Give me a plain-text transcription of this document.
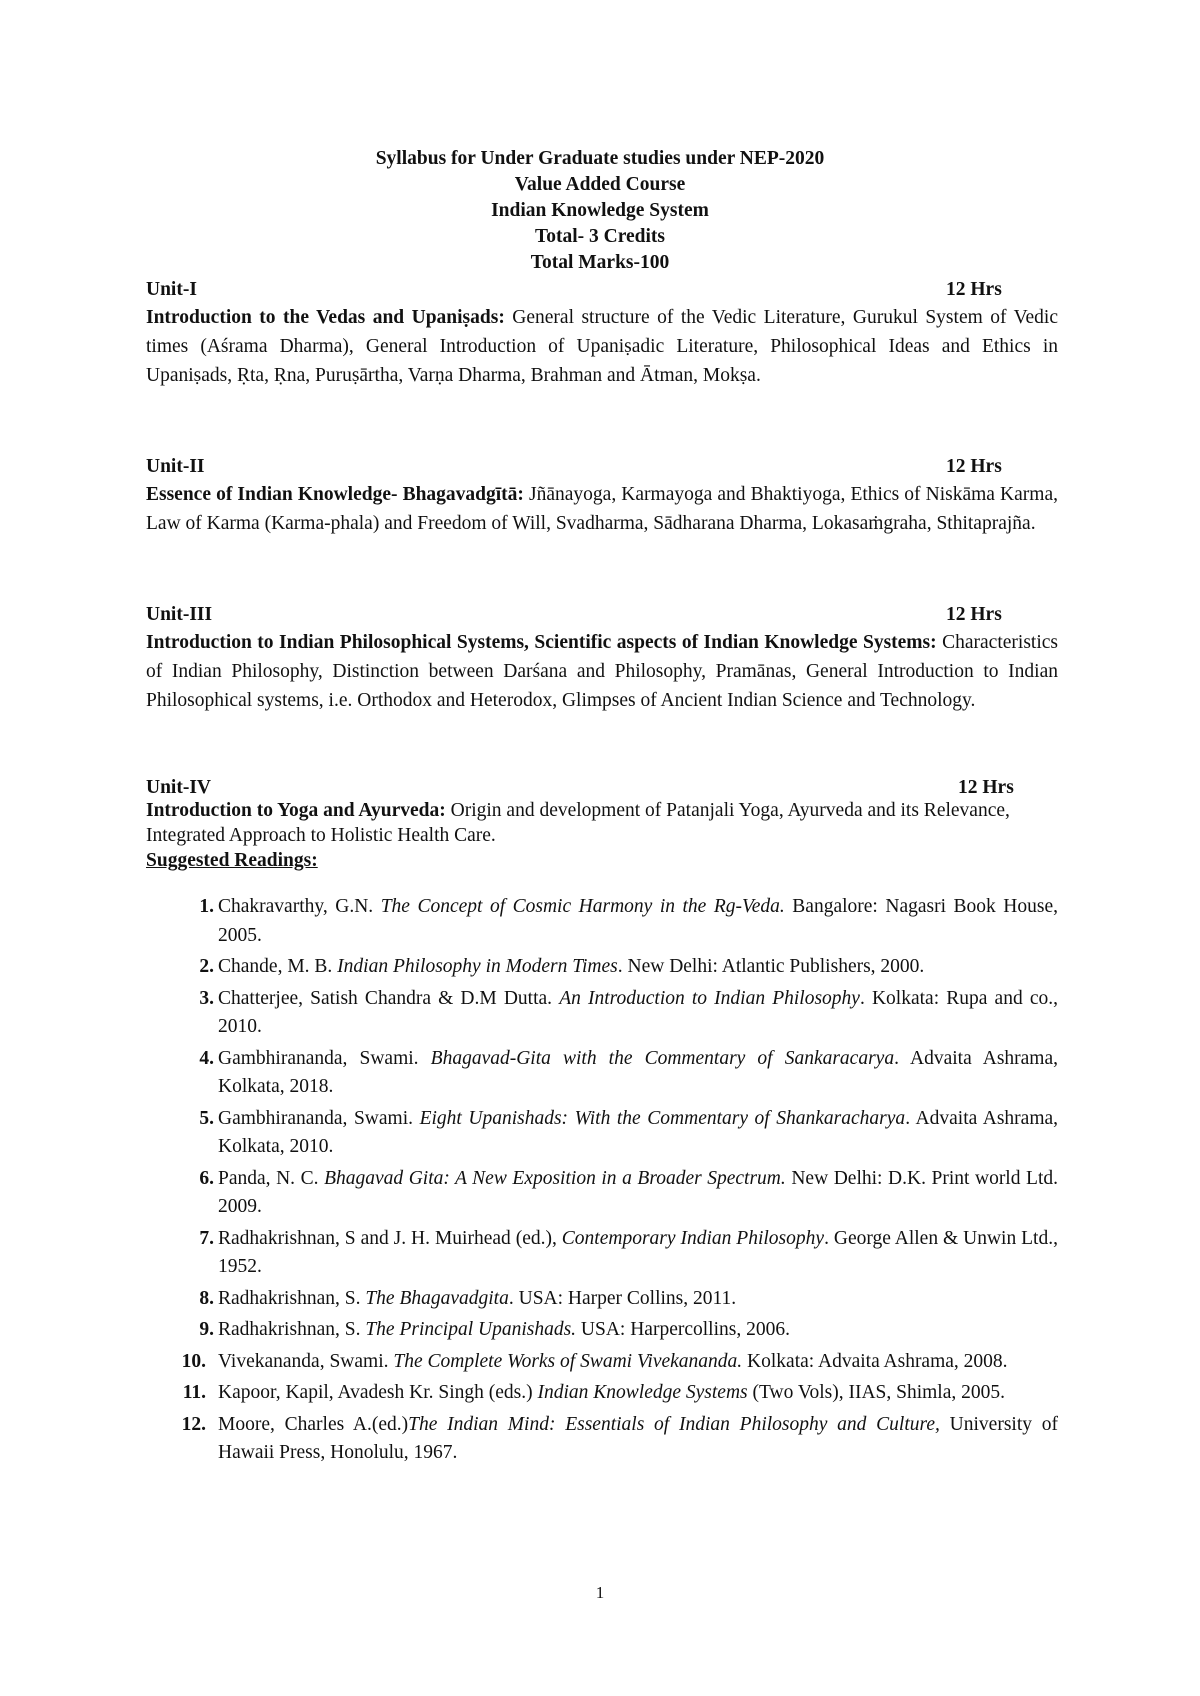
Syllabus for Under Graduate studies under NEP-2020
Value Added Course
Indian Knowledge System
Total- 3 Credits
Total Marks-100
Unit-I	12 Hrs
Introduction to the Vedas and Upaniṣads: General structure of the Vedic Literature, Gurukul System of Vedic times (Aśrama Dharma), General Introduction of Upaniṣadic Literature, Philosophical Ideas and Ethics in Upaniṣads, Ṛta, Ṛna, Puruṣārtha, Varṇa Dharma, Brahman and Ātman, Mokṣa.
Unit-II	12 Hrs
Essence of Indian Knowledge- Bhagavadgītā: Jñānayoga, Karmayoga and Bhaktiyoga, Ethics of Niskāma Karma, Law of Karma (Karma-phala) and Freedom of Will, Svadharma, Sādharana Dharma, Lokasaṁgraha, Sthitaprajña.
Unit-III	12 Hrs
Introduction to Indian Philosophical Systems, Scientific aspects of Indian Knowledge Systems: Characteristics of Indian Philosophy, Distinction between Darśana and Philosophy, Pramānas, General Introduction to Indian Philosophical systems, i.e. Orthodox and Heterodox, Glimpses of Ancient Indian Science and Technology.
Unit-IV	12 Hrs
Introduction to Yoga and Ayurveda: Origin and development of Patanjali Yoga, Ayurveda and its Relevance, Integrated Approach to Holistic Health Care.
Suggested Readings:
1. Chakravarthy, G.N. The Concept of Cosmic Harmony in the Rg-Veda. Bangalore: Nagasri Book House, 2005.
2. Chande, M. B. Indian Philosophy in Modern Times. New Delhi: Atlantic Publishers, 2000.
3. Chatterjee, Satish Chandra & D.M Dutta. An Introduction to Indian Philosophy. Kolkata: Rupa and co., 2010.
4. Gambhirananda, Swami. Bhagavad-Gita with the Commentary of Sankaracarya. Advaita Ashrama, Kolkata, 2018.
5. Gambhirananda, Swami. Eight Upanishads: With the Commentary of Shankaracharya. Advaita Ashrama, Kolkata, 2010.
6. Panda, N. C. Bhagavad Gita: A New Exposition in a Broader Spectrum. New Delhi: D.K. Print world Ltd. 2009.
7. Radhakrishnan, S and J. H. Muirhead (ed.), Contemporary Indian Philosophy. George Allen & Unwin Ltd., 1952.
8. Radhakrishnan, S. The Bhagavadgita. USA: Harper Collins, 2011.
9. Radhakrishnan, S. The Principal Upanishads. USA: Harpercollins, 2006.
10. Vivekananda, Swami. The Complete Works of Swami Vivekananda. Kolkata: Advaita Ashrama, 2008.
11. Kapoor, Kapil, Avadesh Kr. Singh (eds.) Indian Knowledge Systems (Two Vols), IIAS, Shimla, 2005.
12. Moore, Charles A.(ed.)The Indian Mind: Essentials of Indian Philosophy and Culture, University of Hawaii Press, Honolulu, 1967.
1
